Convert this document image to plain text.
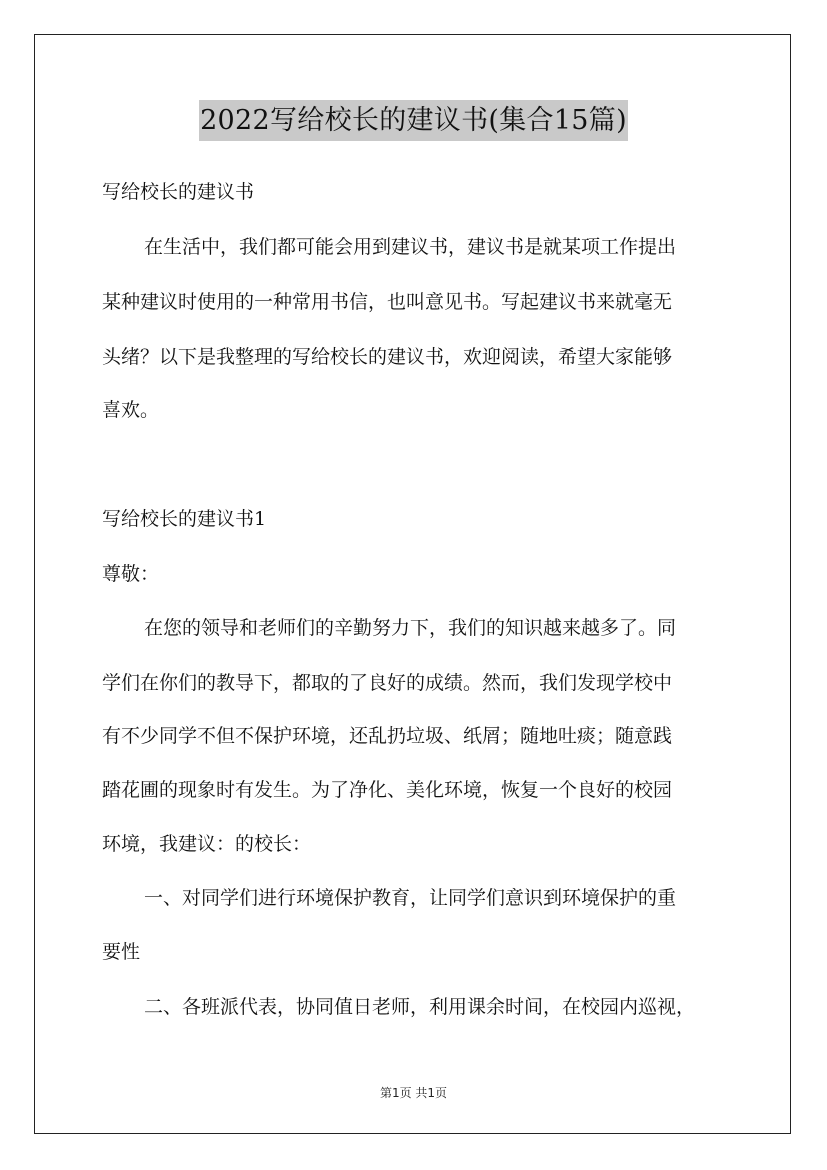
2022写给校长的建议书(集合15篇)
写给校长的建议书
在生活中，我们都可能会用到建议书，建议书是就某项工作提出
某种建议时使用的一种常用书信，也叫意见书。写起建议书来就毫无
头绪？以下是我整理的写给校长的建议书，欢迎阅读，希望大家能够
喜欢。
写给校长的建议书1
尊敬：
在您的领导和老师们的辛勤努力下，我们的知识越来越多了。同
学们在你们的教导下，都取的了良好的成绩。然而，我们发现学校中
有不少同学不但不保护环境，还乱扔垃圾、纸屑；随地吐痰；随意践
踏花圃的现象时有发生。为了净化、美化环境，恢复一个良好的校园
环境，我建议：的校长：
一、对同学们进行环境保护教育，让同学们意识到环境保护的重
要性
二、各班派代表，协同值日老师，利用课余时间，在校园内巡视，
第1页 共1页
